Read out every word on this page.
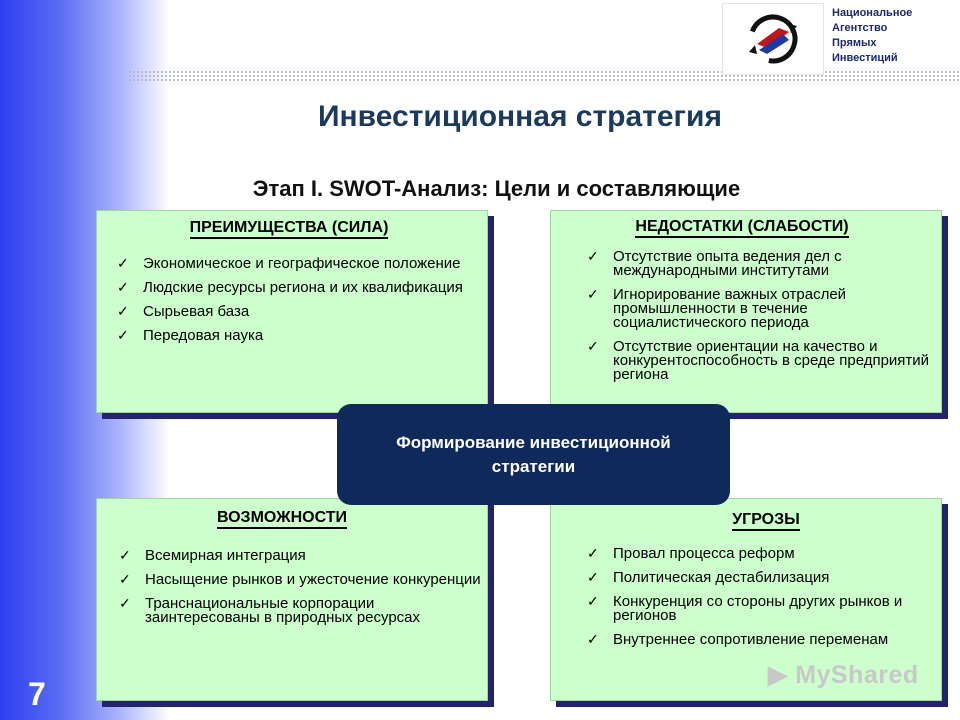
Национальное
Агентство
Прямых
Инвестиций
Инвестиционная стратегия
Этап I. SWOT-Анализ: Цели и составляющие
ПРЕИМУЩЕСТВА (СИЛА)
✓ Экономическое и географическое положение
✓ Людские ресурсы региона и их квалификация
✓ Сырьевая база
✓ Передовая наука
НЕДОСТАТКИ (СЛАБОСТИ)
✓ Отсутствие опыта ведения дел с международными институтами
✓ Игнорирование важных отраслей промышленности в течение социалистического периода
✓ Отсутствие ориентации на качество и конкурентоспособность в среде предприятий региона
ВОЗМОЖНОСТИ
✓ Всемирная интеграция
✓ Насыщение рынков и ужесточение конкуренции
✓ Транснациональные корпорации заинтересованы в природных ресурсах
УГРОЗЫ
✓ Провал процесса реформ
✓ Политическая дестабилизация
✓ Конкуренция со стороны других рынков и регионов
✓ Внутреннее сопротивление переменам
Формирование инвестиционной
стратегии
7
▶ MyShared
